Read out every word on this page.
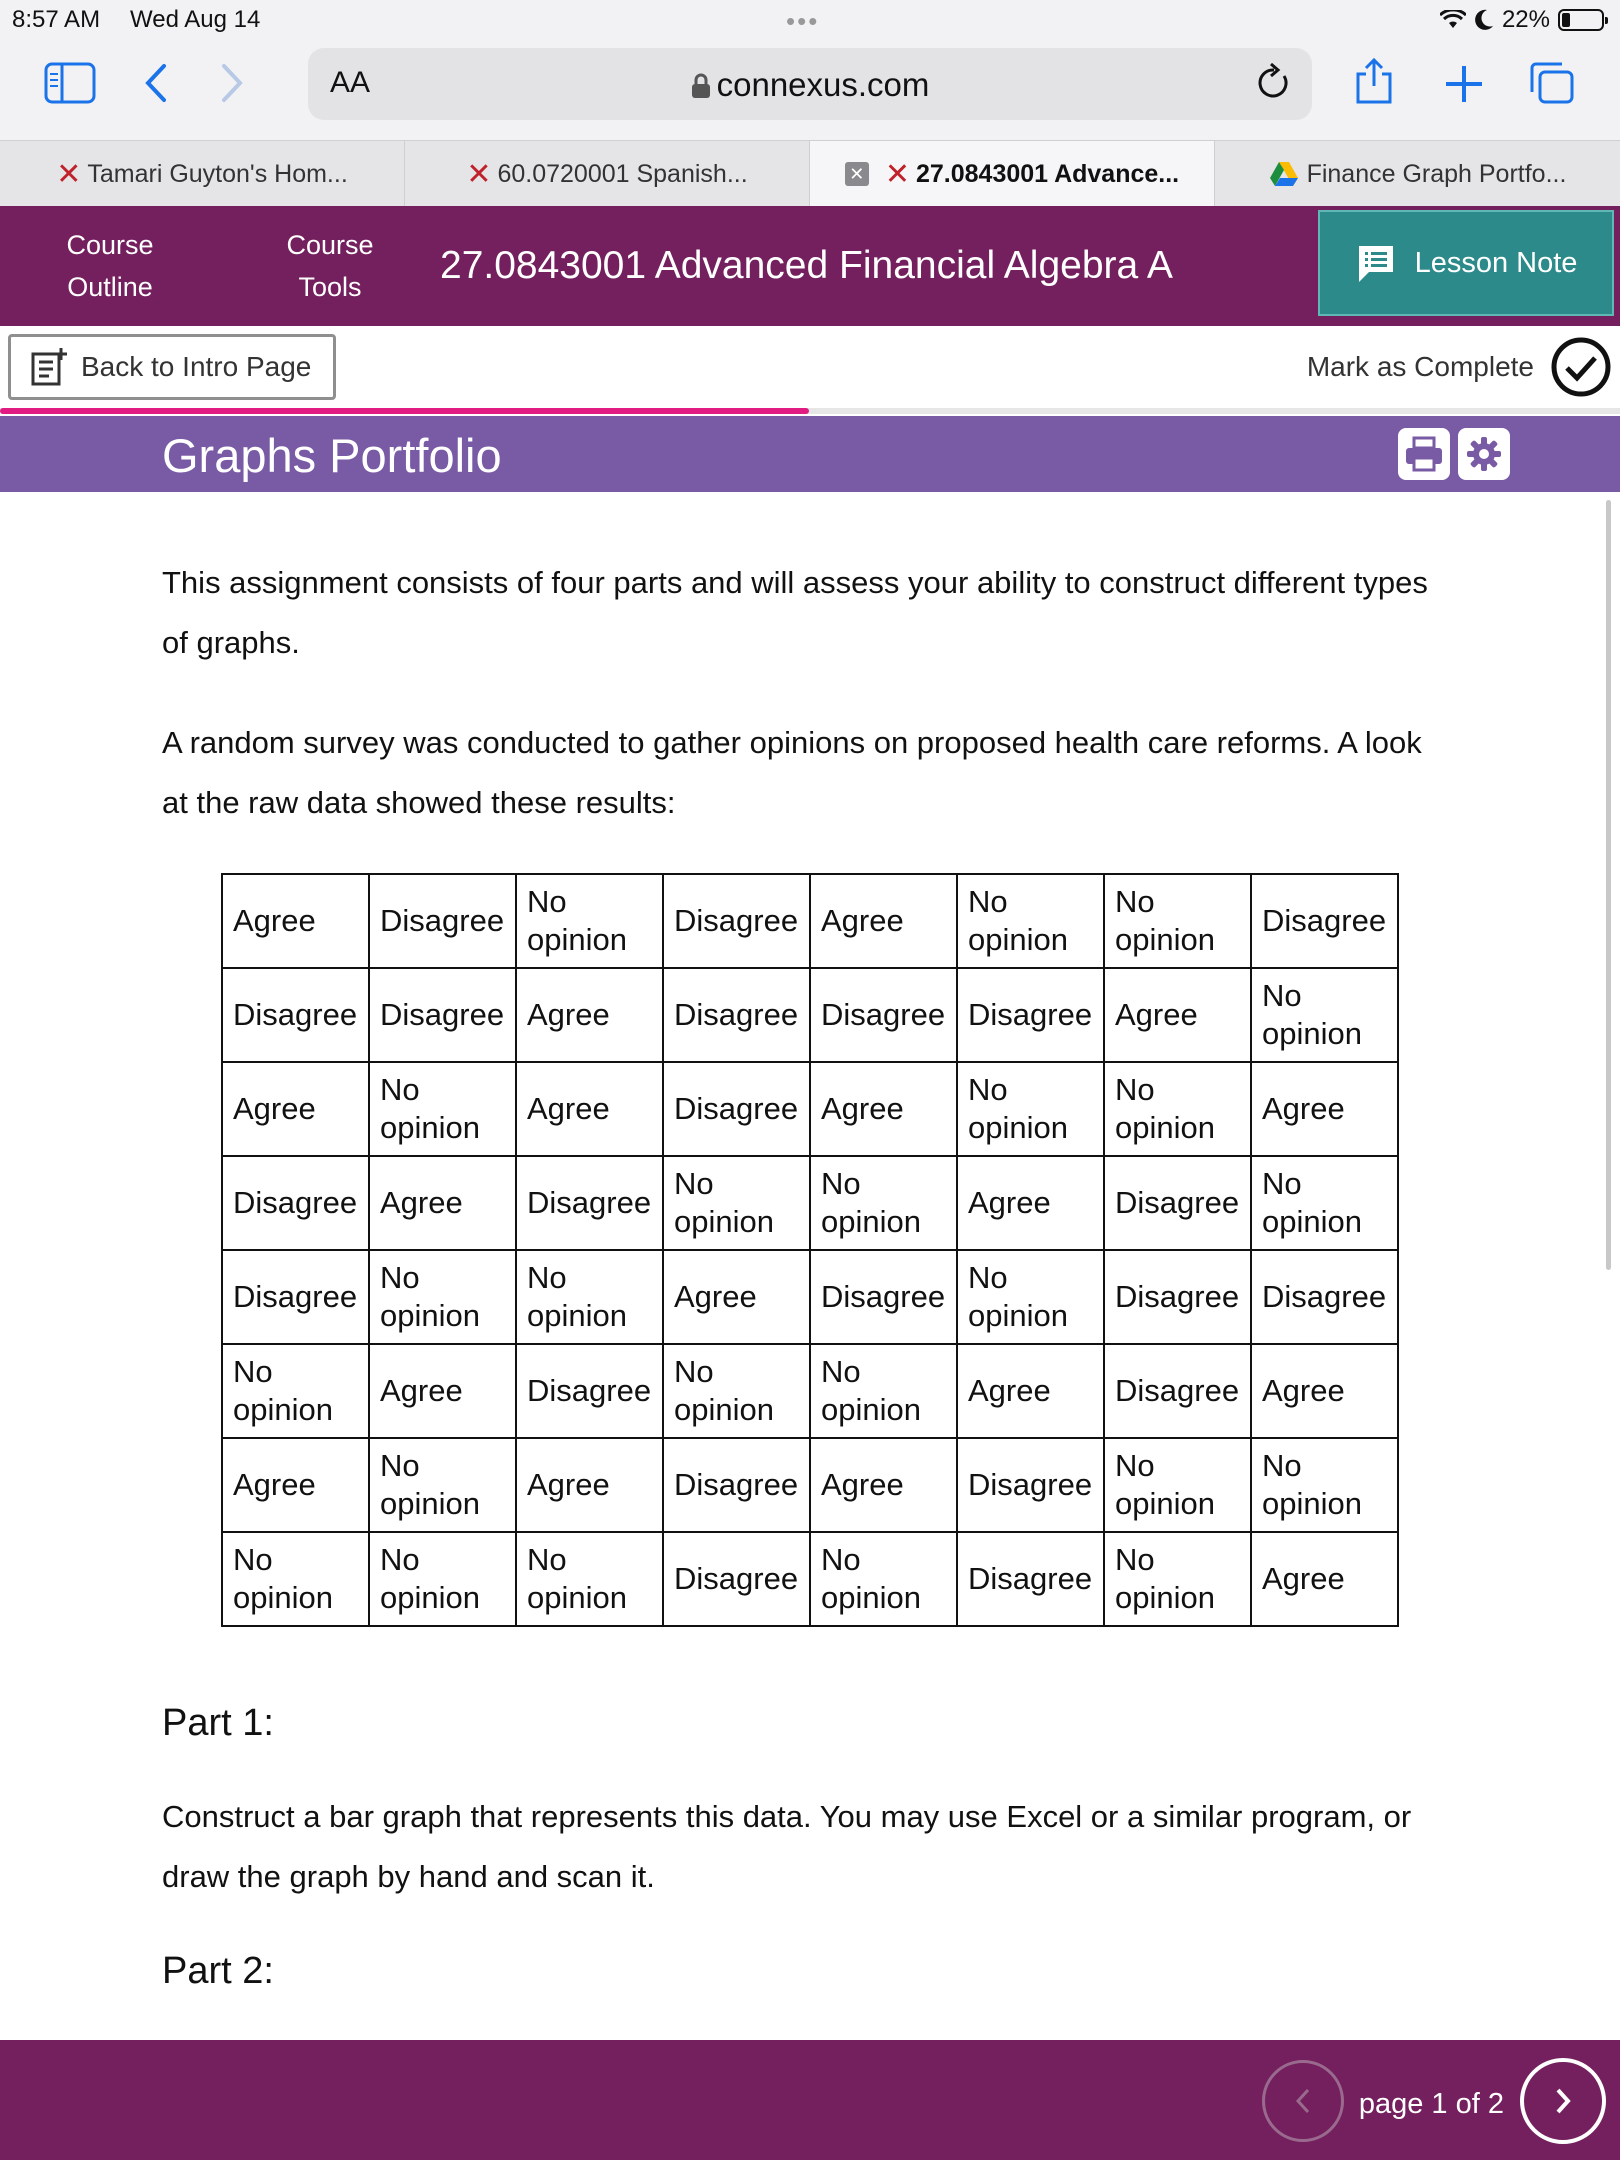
8:57 AM Wed Aug 14	•••	22%
AA	connexus.com
✕ Tamari Guyton's Hom...	✕ 60.0720001 Spanish...	✕ ✕ 27.0843001 Advance...	Finance Graph Portfo...
Course
Outline
Course
Tools	27.0843001 Advanced Financial Algebra A	Lesson Note
Back to Intro Page	Mark as Complete
Graphs Portfolio
This assignment consists of four parts and will assess your ability to construct different types of graphs.
A random survey was conducted to gather opinions on proposed health care reforms. A look at the raw data showed these results:
Agree	Disagree	No opinion	Disagree	Agree	No opinion	No opinion	Disagree
Disagree	Disagree	Agree	Disagree	Disagree	Disagree	Agree	No opinion
Agree	No opinion	Agree	Disagree	Agree	No opinion	No opinion	Agree
Disagree	Agree	Disagree	No opinion	No opinion	Agree	Disagree	No opinion
Disagree	No opinion	No opinion	Agree	Disagree	No opinion	Disagree	Disagree
No opinion	Agree	Disagree	No opinion	No opinion	Agree	Disagree	Agree
Agree	No opinion	Agree	Disagree	Agree	Disagree	No opinion	No opinion
No opinion	No opinion	No opinion	Disagree	No opinion	Disagree	No opinion	Agree
Part 1:
Construct a bar graph that represents this data. You may use Excel or a similar program, or draw the graph by hand and scan it.
Part 2:
page 1 of 2
